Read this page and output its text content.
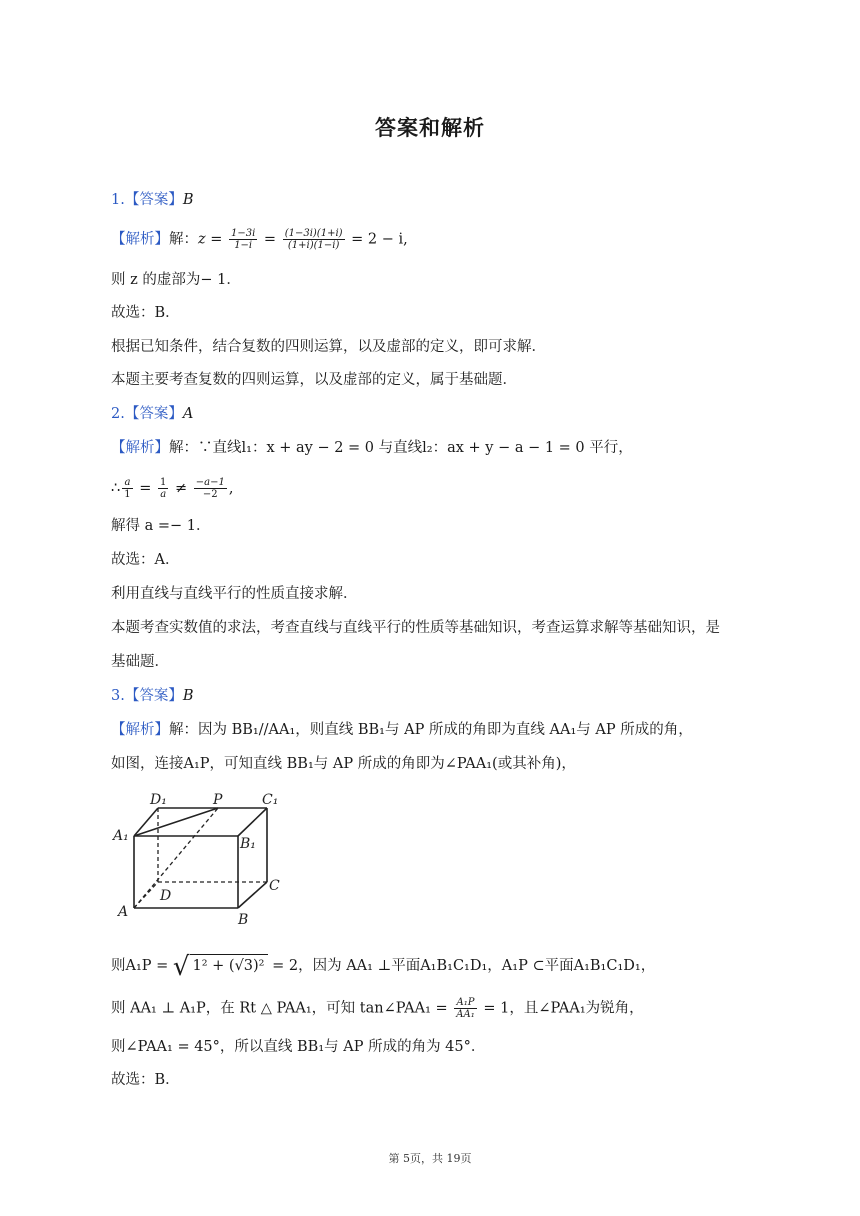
答案和解析
1.【答案】B
【解析】解：$z = \frac{1-3i}{1-i} = \frac{(1-3i)(1+i)}{(1+i)(1-i)} = 2 - i$,
则 z 的虚部为− 1．
故选：B．
根据已知条件，结合复数的四则运算，以及虚部的定义，即可求解．
本题主要考查复数的四则运算，以及虚部的定义，属于基础题．
2.【答案】A
【解析】解：∵直线l₁：x + ay − 2 = 0 与直线l₂：ax + y − a − 1 = 0 平行，
∴ $\frac{a}{1} = \frac{1}{a} \ne \frac{-a-1}{-2}$ ,
解得 a =− 1．
故选：A．
利用直线与直线平行的性质直接求解．
本题考查实数值的求法，考查直线与直线平行的性质等基础知识，考查运算求解等基础知识，是
基础题．
3.【答案】B
【解析】解：因为 BB₁//AA₁，则直线 BB₁与 AP 所成的角即为直线 AA₁与 AP 所成的角，
如图，连接A₁P，可知直线 BB₁与 AP 所成的角即为∠PAA₁(或其补角)，
D₁	P	C₁
A₁	B₁
D
C
A	B
则A₁P = √ 1² + (√3)² = 2，因为 AA₁ ⊥平面A₁B₁C₁D₁，A₁P ⊂平面A₁B₁C₁D₁，
则 AA₁ ⊥ A₁P，在 Rt △ PAA₁，可知 tan∠PAA₁ = $\frac{\text{A₁P}}{\text{AA₁}} = 1$，且∠PAA₁为锐角，
则∠PAA₁ = 45°，所以直线 BB₁与 AP 所成的角为 45°．
故选：B．
第 5页，共 19页
